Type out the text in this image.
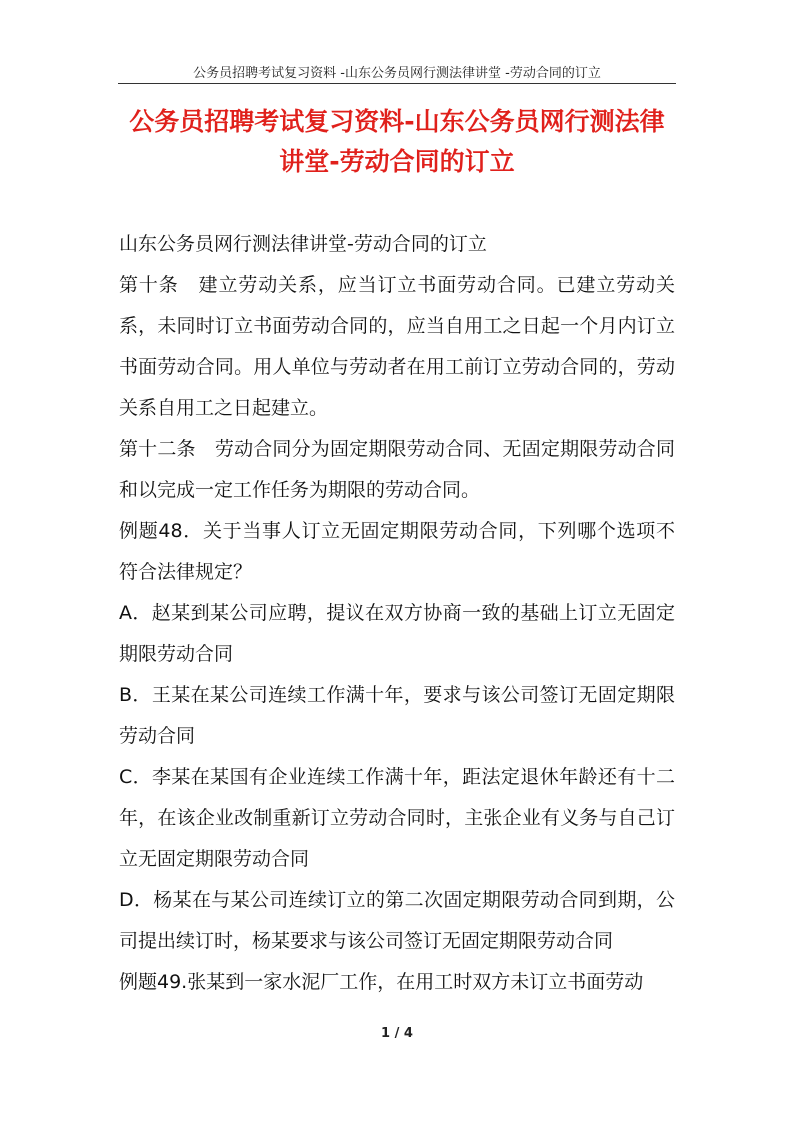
公务员招聘考试复习资料 -山东公务员网行测法律讲堂 -劳动合同的订立
公务员招聘考试复习资料-山东公务员网行测法律讲堂-劳动合同的订立

山东公务员网行测法律讲堂-劳动合同的订立

第十条　建立劳动关系，应当订立书面劳动合同。已建立劳动关系，未同时订立书面劳动合同的，应当自用工之日起一个月内订立书面劳动合同。用人单位与劳动者在用工前订立劳动合同的，劳动关系自用工之日起建立。

第十二条　劳动合同分为固定期限劳动合同、无固定期限劳动合同和以完成一定工作任务为期限的劳动合同。

例题48．关于当事人订立无固定期限劳动合同，下列哪个选项不符合法律规定？

A．赵某到某公司应聘，提议在双方协商一致的基础上订立无固定期限劳动合同

B．王某在某公司连续工作满十年，要求与该公司签订无固定期限劳动合同

C．李某在某国有企业连续工作满十年，距法定退休年龄还有十二年，在该企业改制重新订立劳动合同时，主张企业有义务与自己订立无固定期限劳动合同

D．杨某在与某公司连续订立的第二次固定期限劳动合同到期，公司提出续订时，杨某要求与该公司签订无固定期限劳动合同

例题49.张某到一家水泥厂工作，在用工时双方未订立书面劳动

1 / 4
